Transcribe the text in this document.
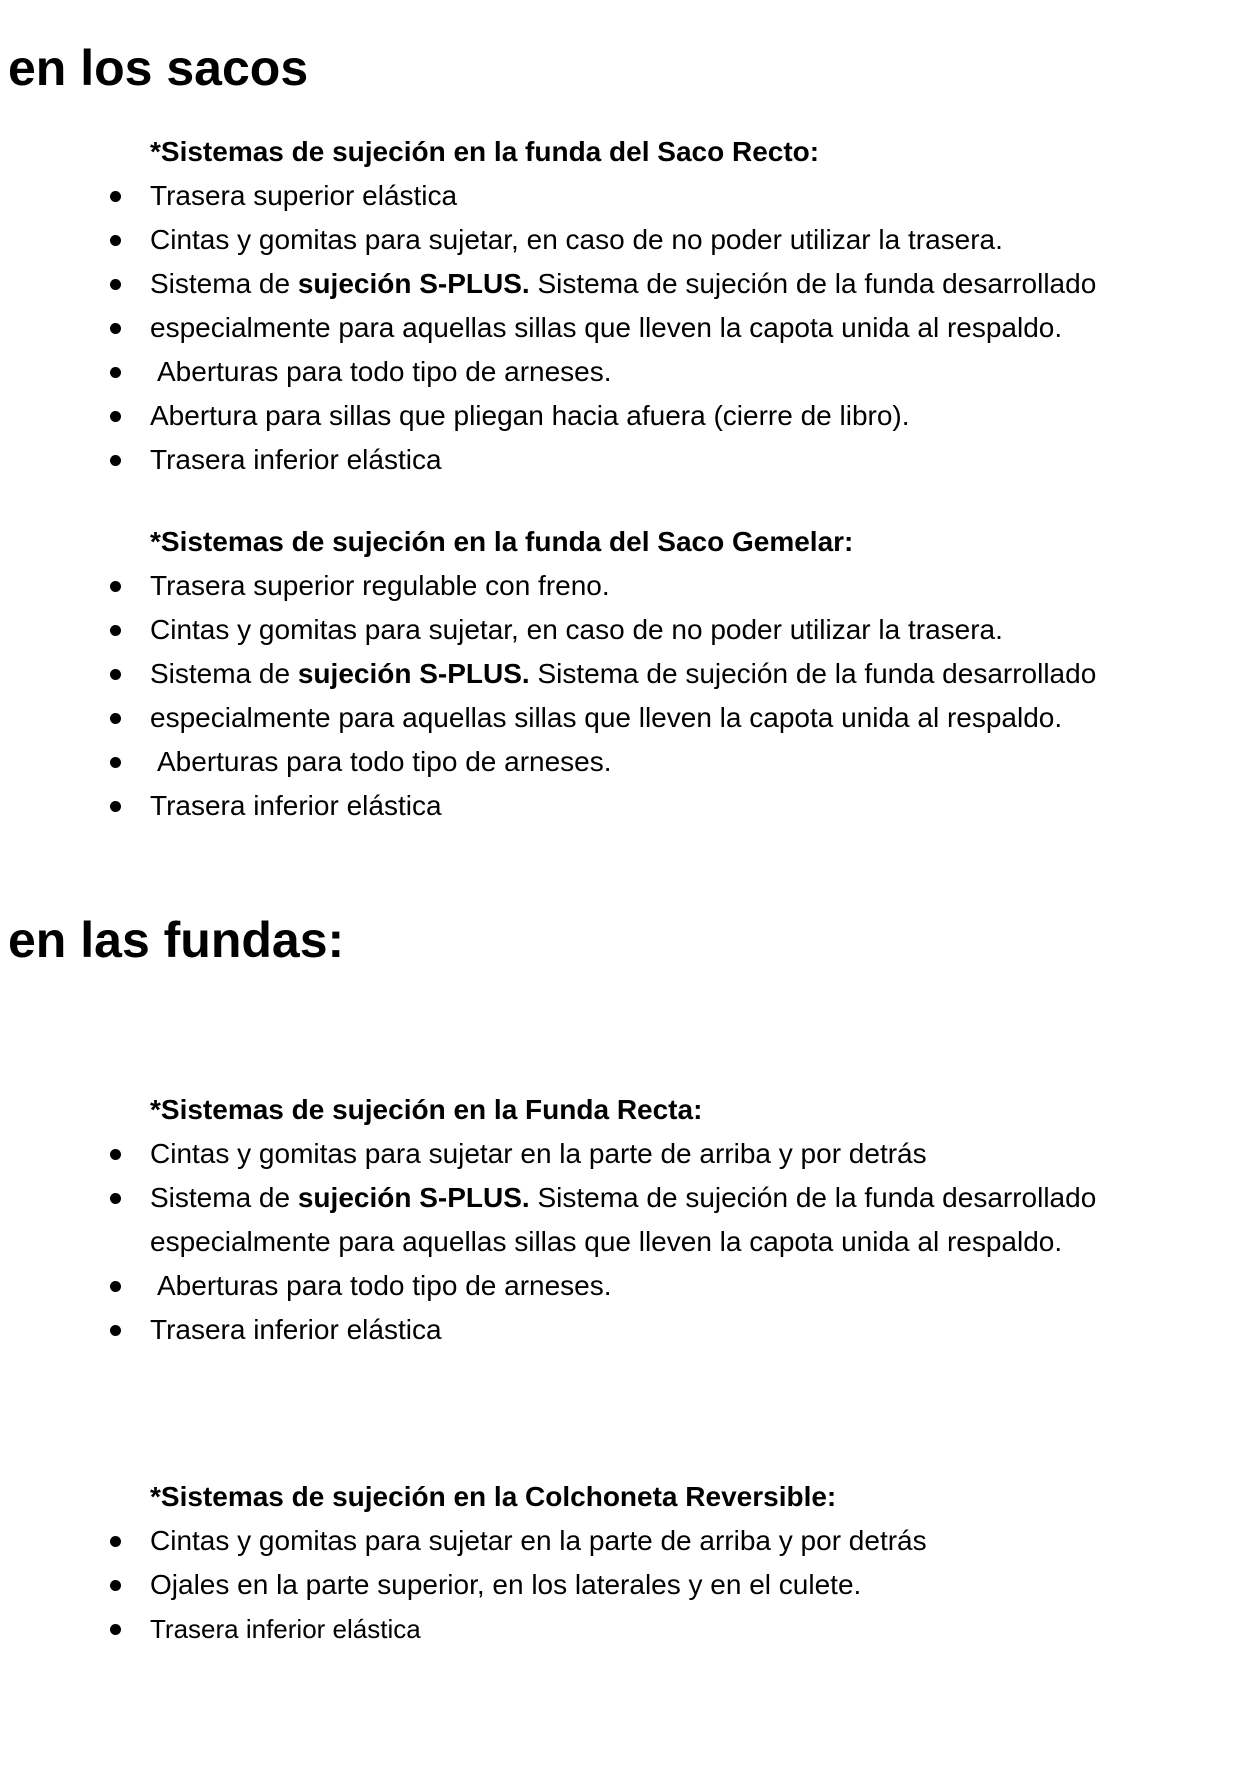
en los sacos

*Sistemas de sujeción en la funda del Saco Recto:

Trasera superior elástica
Cintas y gomitas para sujetar, en caso de no poder utilizar la trasera.
Sistema de sujeción S-PLUS. Sistema de sujeción de la funda desarrollado
especialmente para aquellas sillas que lleven la capota unida al respaldo.
Aberturas para todo tipo de arneses.
Abertura para sillas que pliegan hacia afuera (cierre de libro).
Trasera inferior elástica

*Sistemas de sujeción en la funda del Saco Gemelar:

Trasera superior regulable con freno.
Cintas y gomitas para sujetar, en caso de no poder utilizar la trasera.
Sistema de sujeción S-PLUS. Sistema de sujeción de la funda desarrollado
especialmente para aquellas sillas que lleven la capota unida al respaldo.
Aberturas para todo tipo de arneses.
Trasera inferior elástica
en las fundas:

*Sistemas de sujeción en la Funda Recta:

Cintas y gomitas para sujetar en la parte de arriba y por detrás
Sistema de sujeción S-PLUS. Sistema de sujeción de la funda desarrollado
especialmente para aquellas sillas que lleven la capota unida al respaldo.
Aberturas para todo tipo de arneses.
Trasera inferior elástica

*Sistemas de sujeción en la Colchoneta Reversible:

Cintas y gomitas para sujetar en la parte de arriba y por detrás
Ojales en la parte superior, en los laterales y en el culete.
Trasera inferior elástica
